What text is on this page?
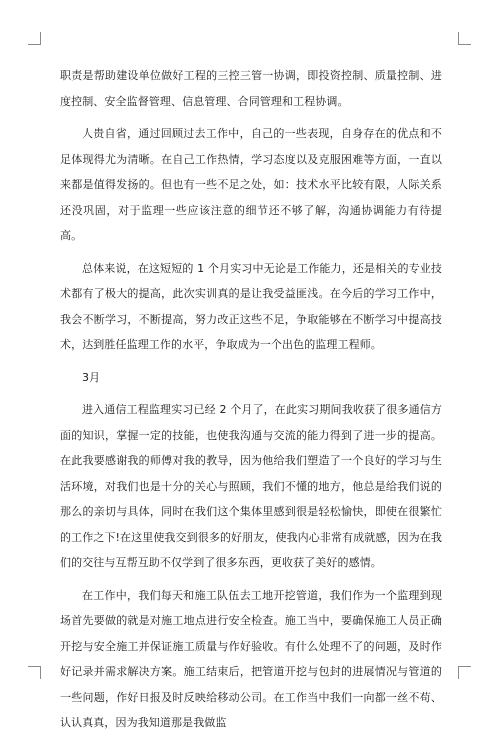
职责是帮助建设单位做好工程的三控三管一协调，即投资控制、质量控制、进度控制、安全监督管理、信息管理、合同管理和工程协调。

人贵自省，通过回顾过去工作中，自己的一些表现，自身存在的优点和不足体现得尤为清晰。在自己工作热情，学习态度以及克服困难等方面，一直以来都是值得发扬的。但也有一些不足之处，如：技术水平比较有限，人际关系还没巩固，对于监理一些应该注意的细节还不够了解，沟通协调能力有待提高。

总体来说，在这短短的 1 个月实习中无论是工作能力，还是相关的专业技术都有了极大的提高，此次实训真的是让我受益匪浅。在今后的学习工作中，我会不断学习，不断提高，努力改正这些不足，争取能够在不断学习中提高技术，达到胜任监理工作的水平，争取成为一个出色的监理工程师。

3月

进入通信工程监理实习已经 2 个月了，在此实习期间我收获了很多通信方面的知识，掌握一定的技能，也使我沟通与交流的能力得到了进一步的提高。在此我要感谢我的师傅对我的教导，因为他给我们塑造了一个良好的学习与生活环境，对我们也是十分的关心与照顾，我们不懂的地方，他总是给我们说的那么的亲切与具体，同时在我们这个集体里感到很是轻松愉快，即使在很繁忙的工作之下!在这里使我交到很多的好朋友，使我内心非常有成就感，因为在我们的交往与互帮互助不仅学到了很多东西，更收获了美好的感情。

在工作中，我们每天和施工队伍去工地开挖管道，我们作为一个监理到现场首先要做的就是对施工地点进行安全检查。施工当中，要确保施工人员正确开挖与安全施工并保证施工质量与作好验收。有什么处理不了的问题，及时作好记录并需求解决方案。施工结束后，把管道开挖与包封的进展情况与管道的一些问题，作好日报及时反映给移动公司。在工作当中我们一向都一丝不苟、认认真真，因为我知道那是我做监
